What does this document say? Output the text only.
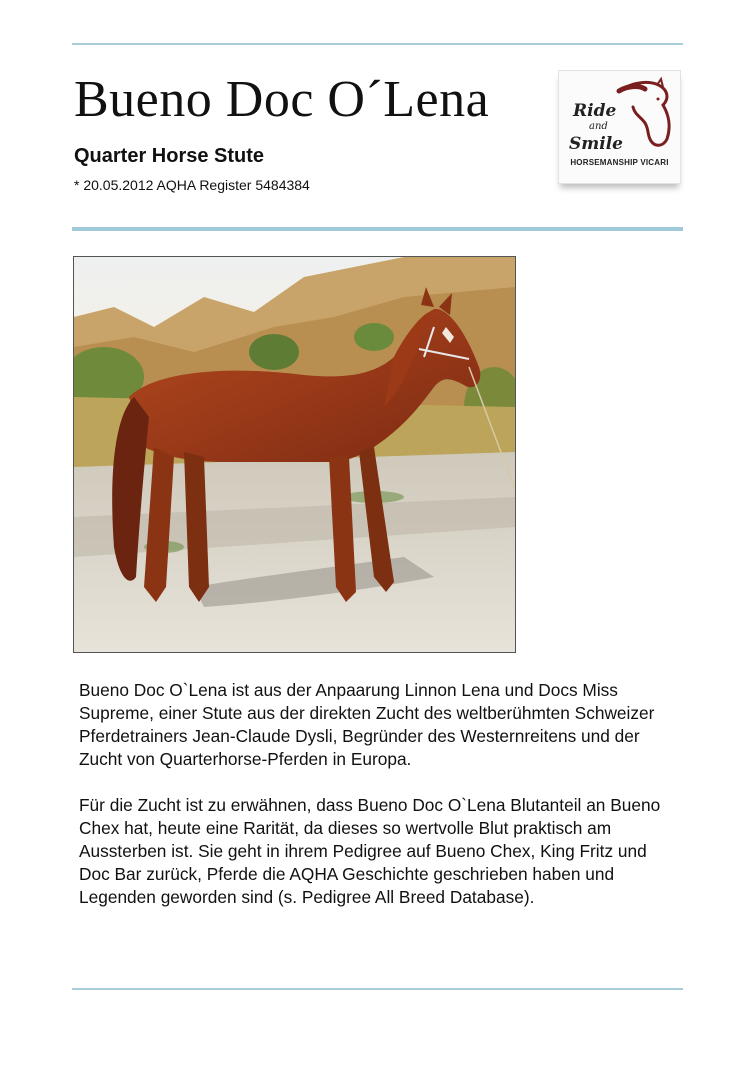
Bueno Doc O´Lena

Quarter Horse Stute

* 20.05.2012 AQHA Register 5484384

Ride
and
Smile
HORSEMANSHIP VICARI

Bueno Doc O`Lena ist aus der Anpaarung Linnon Lena und Docs Miss Supreme, einer Stute aus der direkten Zucht des weltberühmten Schweizer Pferdetrainers Jean-Claude Dysli, Begründer des Westernreitens und der Zucht von Quarterhorse-Pferden in Europa.

Für die Zucht ist zu erwähnen, dass Bueno Doc O`Lena Blutanteil an Bueno Chex hat, heute eine Rarität, da dieses so wertvolle Blut praktisch am Aussterben ist. Sie geht in ihrem Pedigree auf Bueno Chex, King Fritz und Doc Bar zurück, Pferde die AQHA Geschichte geschrieben haben und Legenden geworden sind (s. Pedigree All Breed Database).
